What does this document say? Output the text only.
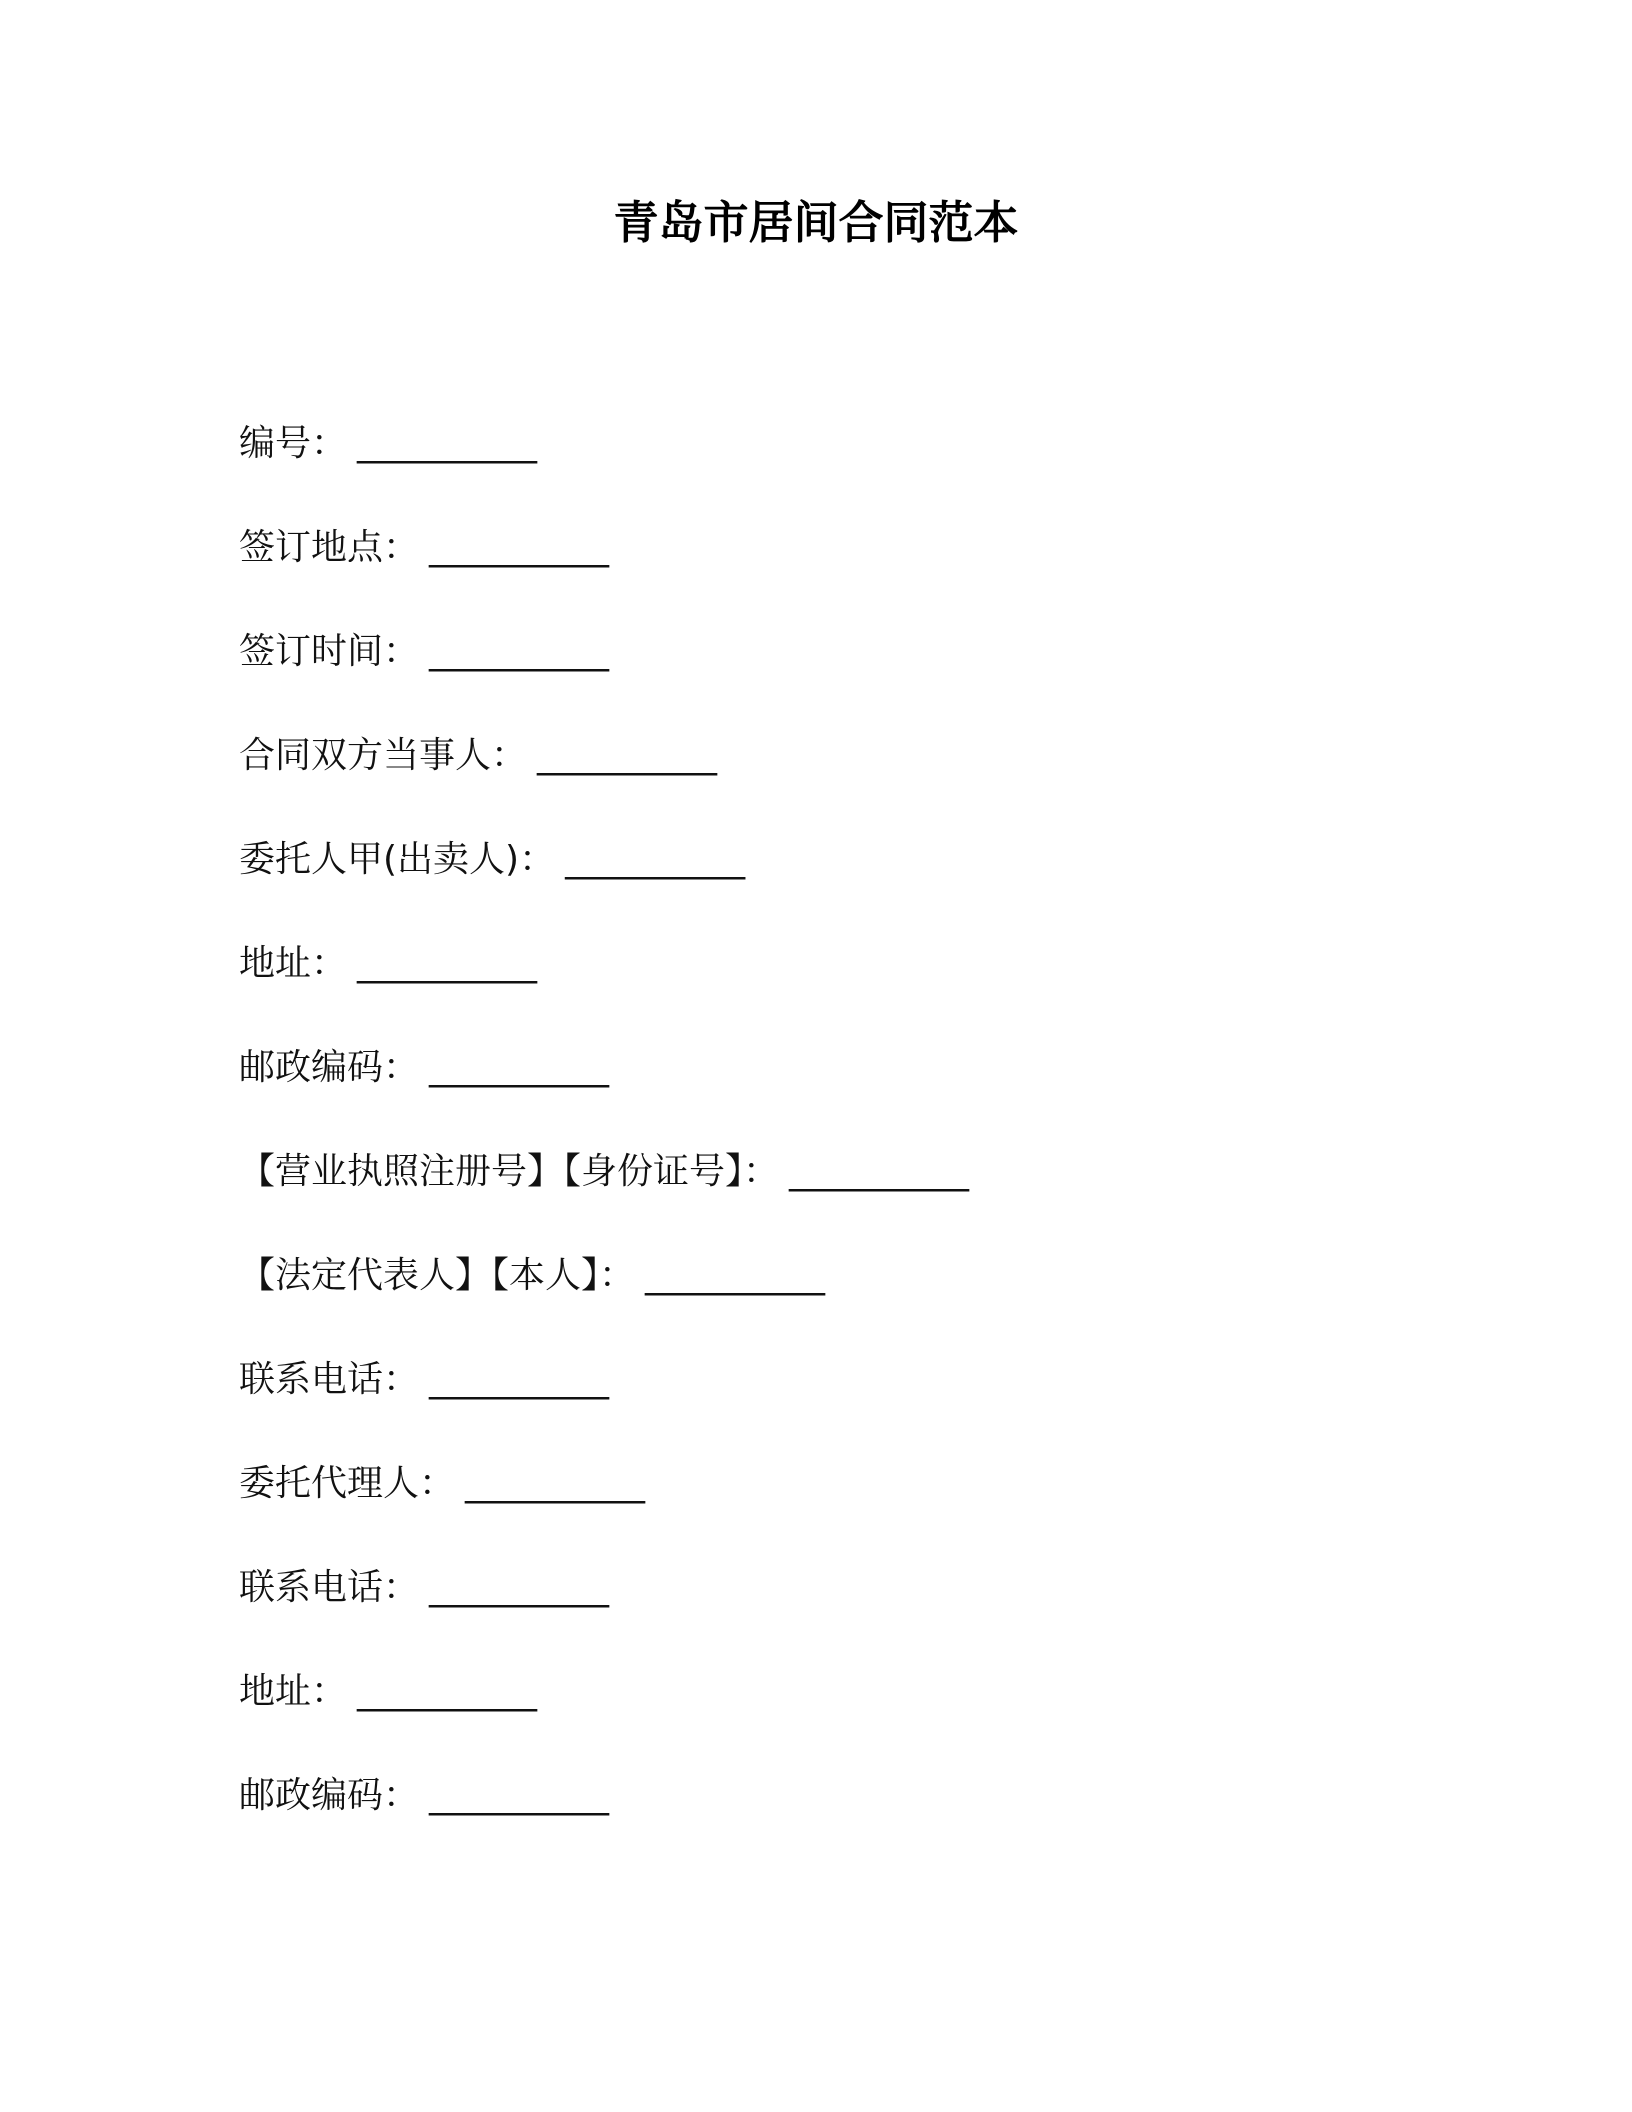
青岛市居间合同范本
编号： __________
签订地点： __________
签订时间： __________
合同双方当事人： __________
委托人甲(出卖人)： __________
地址： __________
邮政编码： __________
【营业执照注册号】【身份证号】： __________
【法定代表人】【本人】： __________
联系电话： __________
委托代理人： __________
联系电话： __________
地址： __________
邮政编码： __________
